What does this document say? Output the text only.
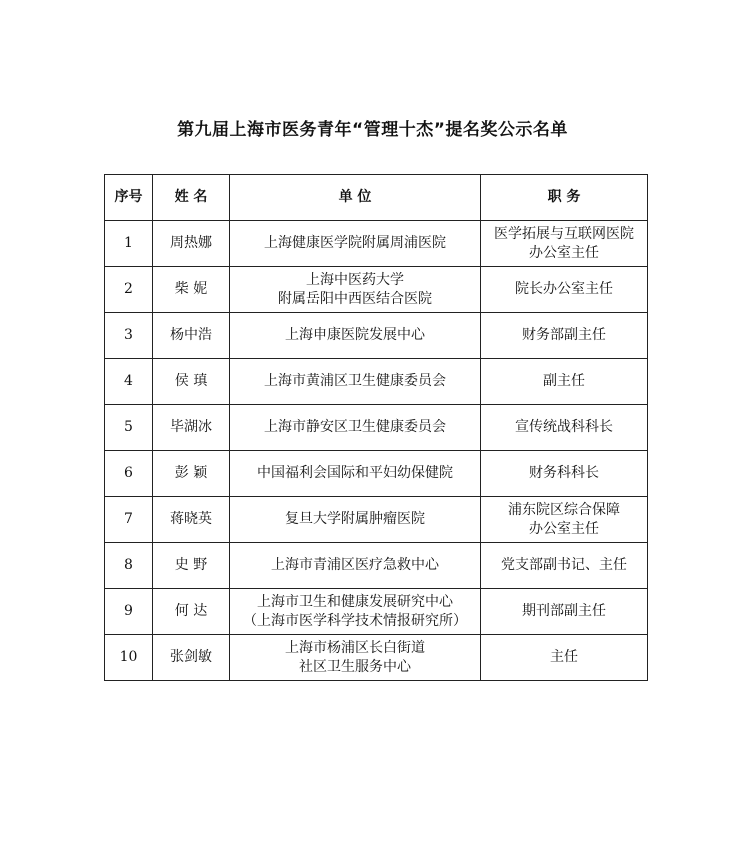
第九届上海市医务青年“管理十杰”提名奖公示名单
序号	姓 名	单 位	职 务
1	周热娜	上海健康医学院附属周浦医院	医学拓展与互联网医院
办公室主任

2	柴 妮	上海中医药大学
附属岳阳中西医结合医院	院长办公室主任

3	杨中浩	上海申康医院发展中心	财务部副主任

4	侯 瑱	上海市黄浦区卫生健康委员会	副主任

5	毕湖冰	上海市静安区卫生健康委员会	宣传统战科科长

6	彭 颖	中国福利会国际和平妇幼保健院	财务科科长

7	蒋晓英	复旦大学附属肿瘤医院	浦东院区综合保障
办公室主任

8	史 野	上海市青浦区医疗急救中心	党支部副书记、主任

9	何 达	上海市卫生和健康发展研究中心
（上海市医学科学技术情报研究所）	期刊部副主任

10	张剑敏	上海市杨浦区长白街道
社区卫生服务中心	主任
